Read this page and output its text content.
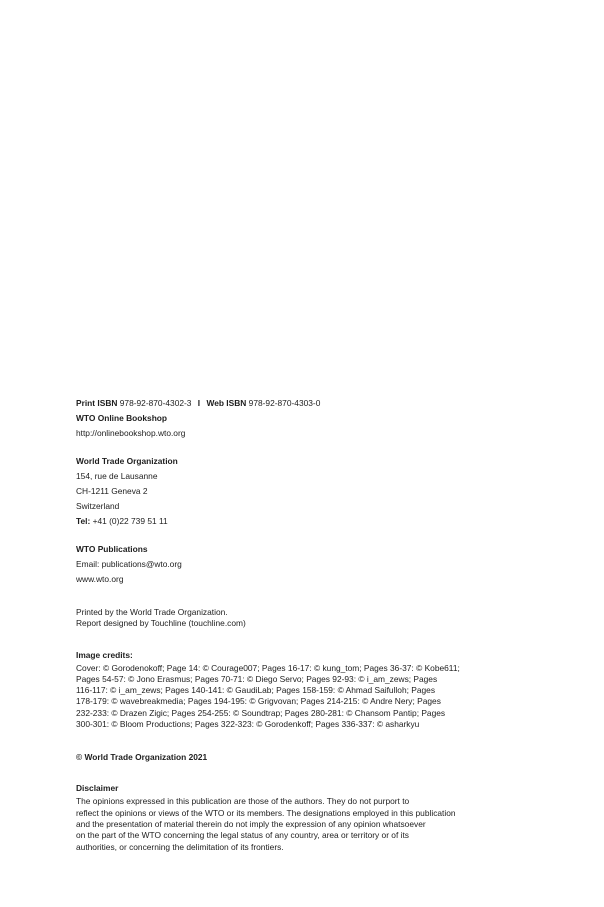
Print ISBN 978-92-870-4302-3 I Web ISBN 978-92-870-4303-0
WTO Online Bookshop
http://onlinebookshop.wto.org
World Trade Organization
154, rue de Lausanne
CH-1211 Geneva 2
Switzerland
Tel: +41 (0)22 739 51 11
WTO Publications
Email: publications@wto.org
www.wto.org

Printed by the World Trade Organization.

Report designed by Touchline (touchline.com)

Image credits:

Cover: © Gorodenokoff; Page 14: © Courage007; Pages 16-17: © kung_tom; Pages 36-37: © Kobe611;

Pages 54-57: © Jono Erasmus; Pages 70-71: © Diego Servo; Pages 92-93: © i_am_zews; Pages

116-117: © i_am_zews; Pages 140-141: © GaudiLab; Pages 158-159: © Ahmad Saifulloh; Pages

178-179: © wavebreakmedia; Pages 194-195: © Grigvovan; Pages 214-215: © Andre Nery; Pages

232-233: © Drazen Zigic; Pages 254-255: © Soundtrap; Pages 280-281: © Chansom Pantip; Pages

300-301: © Bloom Productions; Pages 322-323: © Gorodenkoff; Pages 336-337: © asharkyu

© World Trade Organization 2021
Disclaimer

The opinions expressed in this publication are those of the authors. They do not purport to

reflect the opinions or views of the WTO or its members. The designations employed in this publication

and the presentation of material therein do not imply the expression of any opinion whatsoever

on the part of the WTO concerning the legal status of any country, area or territory or of its

authorities, or concerning the delimitation of its frontiers.
